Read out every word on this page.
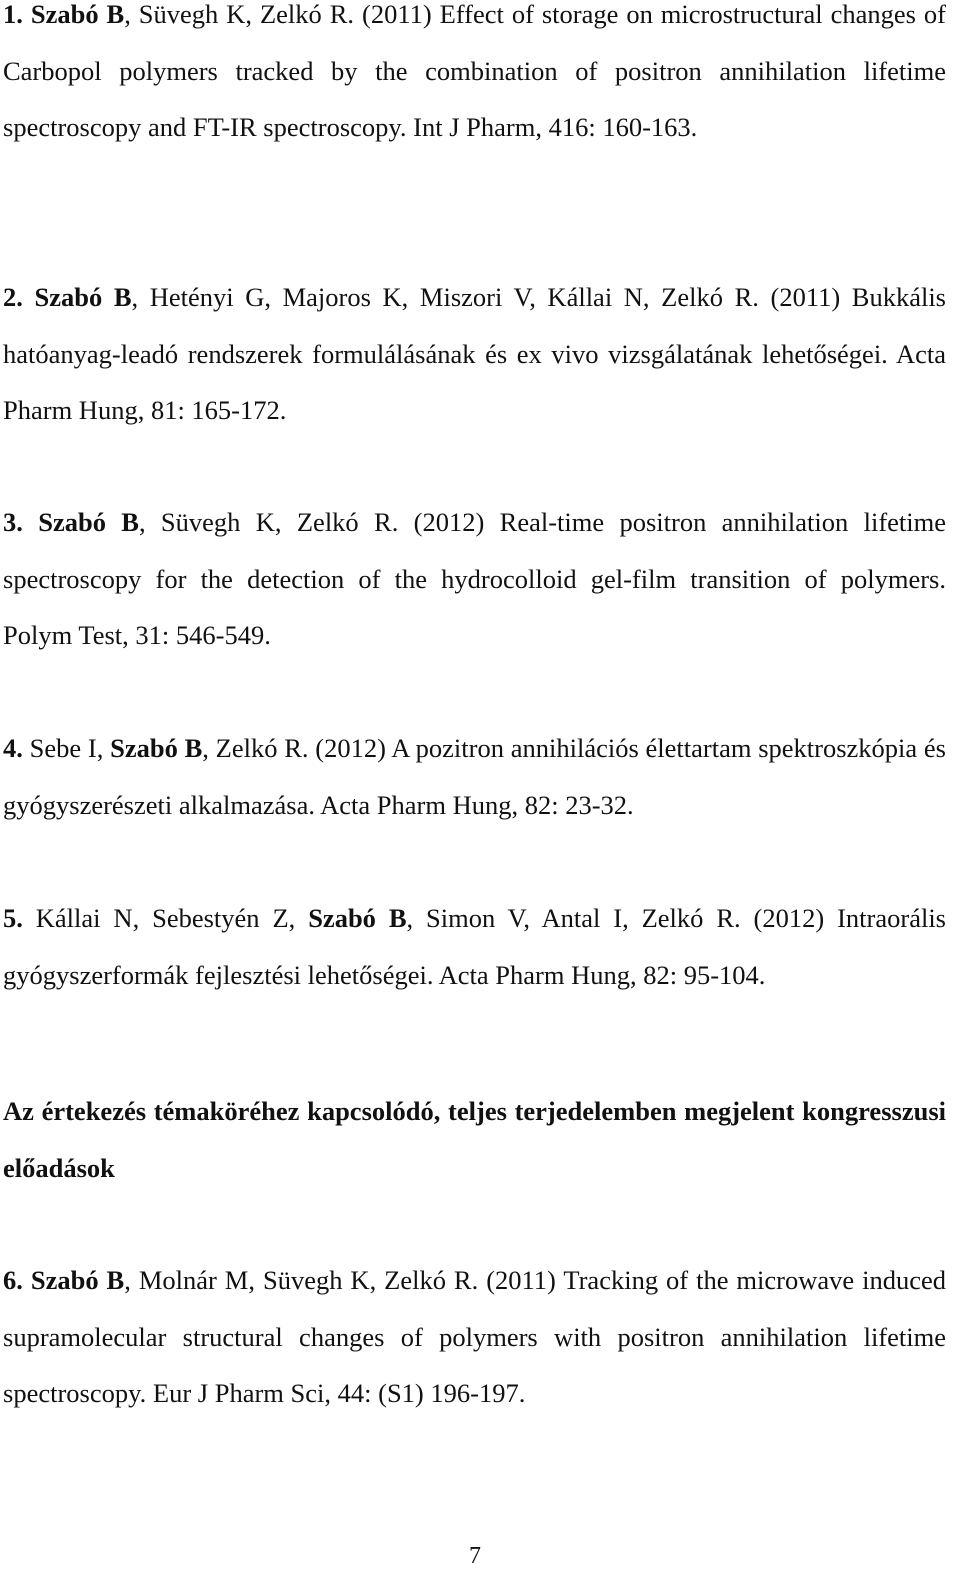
1. Szabó B, Süvegh K, Zelkó R. (2011) Effect of storage on microstructural changes of Carbopol polymers tracked by the combination of positron annihilation lifetime spectroscopy and FT-IR spectroscopy. Int J Pharm, 416: 160-163.
2. Szabó B, Hetényi G, Majoros K, Miszori V, Kállai N, Zelkó R. (2011) Bukkális hatóanyag-leadó rendszerek formulálásának és ex vivo vizsgálatának lehetőségei. Acta Pharm Hung, 81: 165-172.
3. Szabó B, Süvegh K, Zelkó R. (2012) Real-time positron annihilation lifetime spectroscopy for the detection of the hydrocolloid gel-film transition of polymers. Polym Test, 31: 546-549.
4. Sebe I, Szabó B, Zelkó R. (2012) A pozitron annihilációs élettartam spektroszkópia és gyógyszerészeti alkalmazása. Acta Pharm Hung, 82: 23-32.
5. Kállai N, Sebestyén Z, Szabó B, Simon V, Antal I, Zelkó R. (2012) Intraorális gyógyszerformák fejlesztési lehetőségei. Acta Pharm Hung, 82: 95-104.
Az értekezés témaköréhez kapcsolódó, teljes terjedelemben megjelent kongresszusi előadások
6. Szabó B, Molnár M, Süvegh K, Zelkó R. (2011) Tracking of the microwave induced supramolecular structural changes of polymers with positron annihilation lifetime spectroscopy. Eur J Pharm Sci, 44: (S1) 196-197.
7
